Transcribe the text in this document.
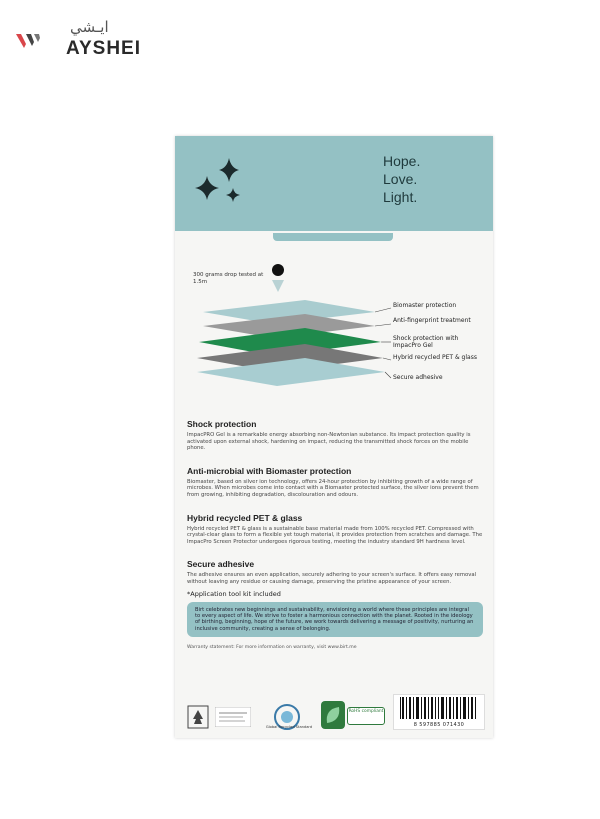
ايـشي
AYSHEI
Hope.
Love.
Light.
300 grams drop tested at 1.5m
Biomaster protection
Anti-fingerprint treatment
Shock protection with ImpacPro Gel
Hybrid recycled PET & glass
Secure adhesive

Shock protection

ImpacPRO Gel is a remarkable energy absorbing non-Newtonian substance. Its impact protection quality is activated upon external shock, hardening on impact, reducing the transmitted shock forces on the mobile phone.

Anti-microbial with Biomaster protection

Biomaster, based on silver ion technology, offers 24-hour protection by inhibiting growth of a wide range of microbes. When microbes come into contact with a Biomaster protected surface, the silver ions prevent them from growing, inhibiting degradation, discolouration and odours.

Hybrid recycled PET & glass

Hybrid recycled PET & glass is a sustainable base material made from 100% recycled PET. Compressed with crystal-clear glass to form a flexible yet tough material, it provides protection from scratches and damage. The ImpacPro Screen Protector undergoes rigorous testing, meeting the industry standard 9H hardness level.

Secure adhesive

The adhesive ensures an even application, securely adhering to your screen's surface. It offers easy removal without leaving any residue or causing damage, preserving the pristine appearance of your screen.

*Application tool kit included

Birt celebrates new beginnings and sustainability, envisioning a world where these principles are integral to every aspect of life. We strive to foster a harmonious connection with the planet. Rooted in the ideology of birthing, beginning, hope of the future, we work towards delivering a message of positivity, nurturing an inclusive community, creating a sense of belonging.

Warranty statement: For more information on warranty, visit www.birt.me

Global Recycled Standard
RoHS compliant
8 597885 071430
